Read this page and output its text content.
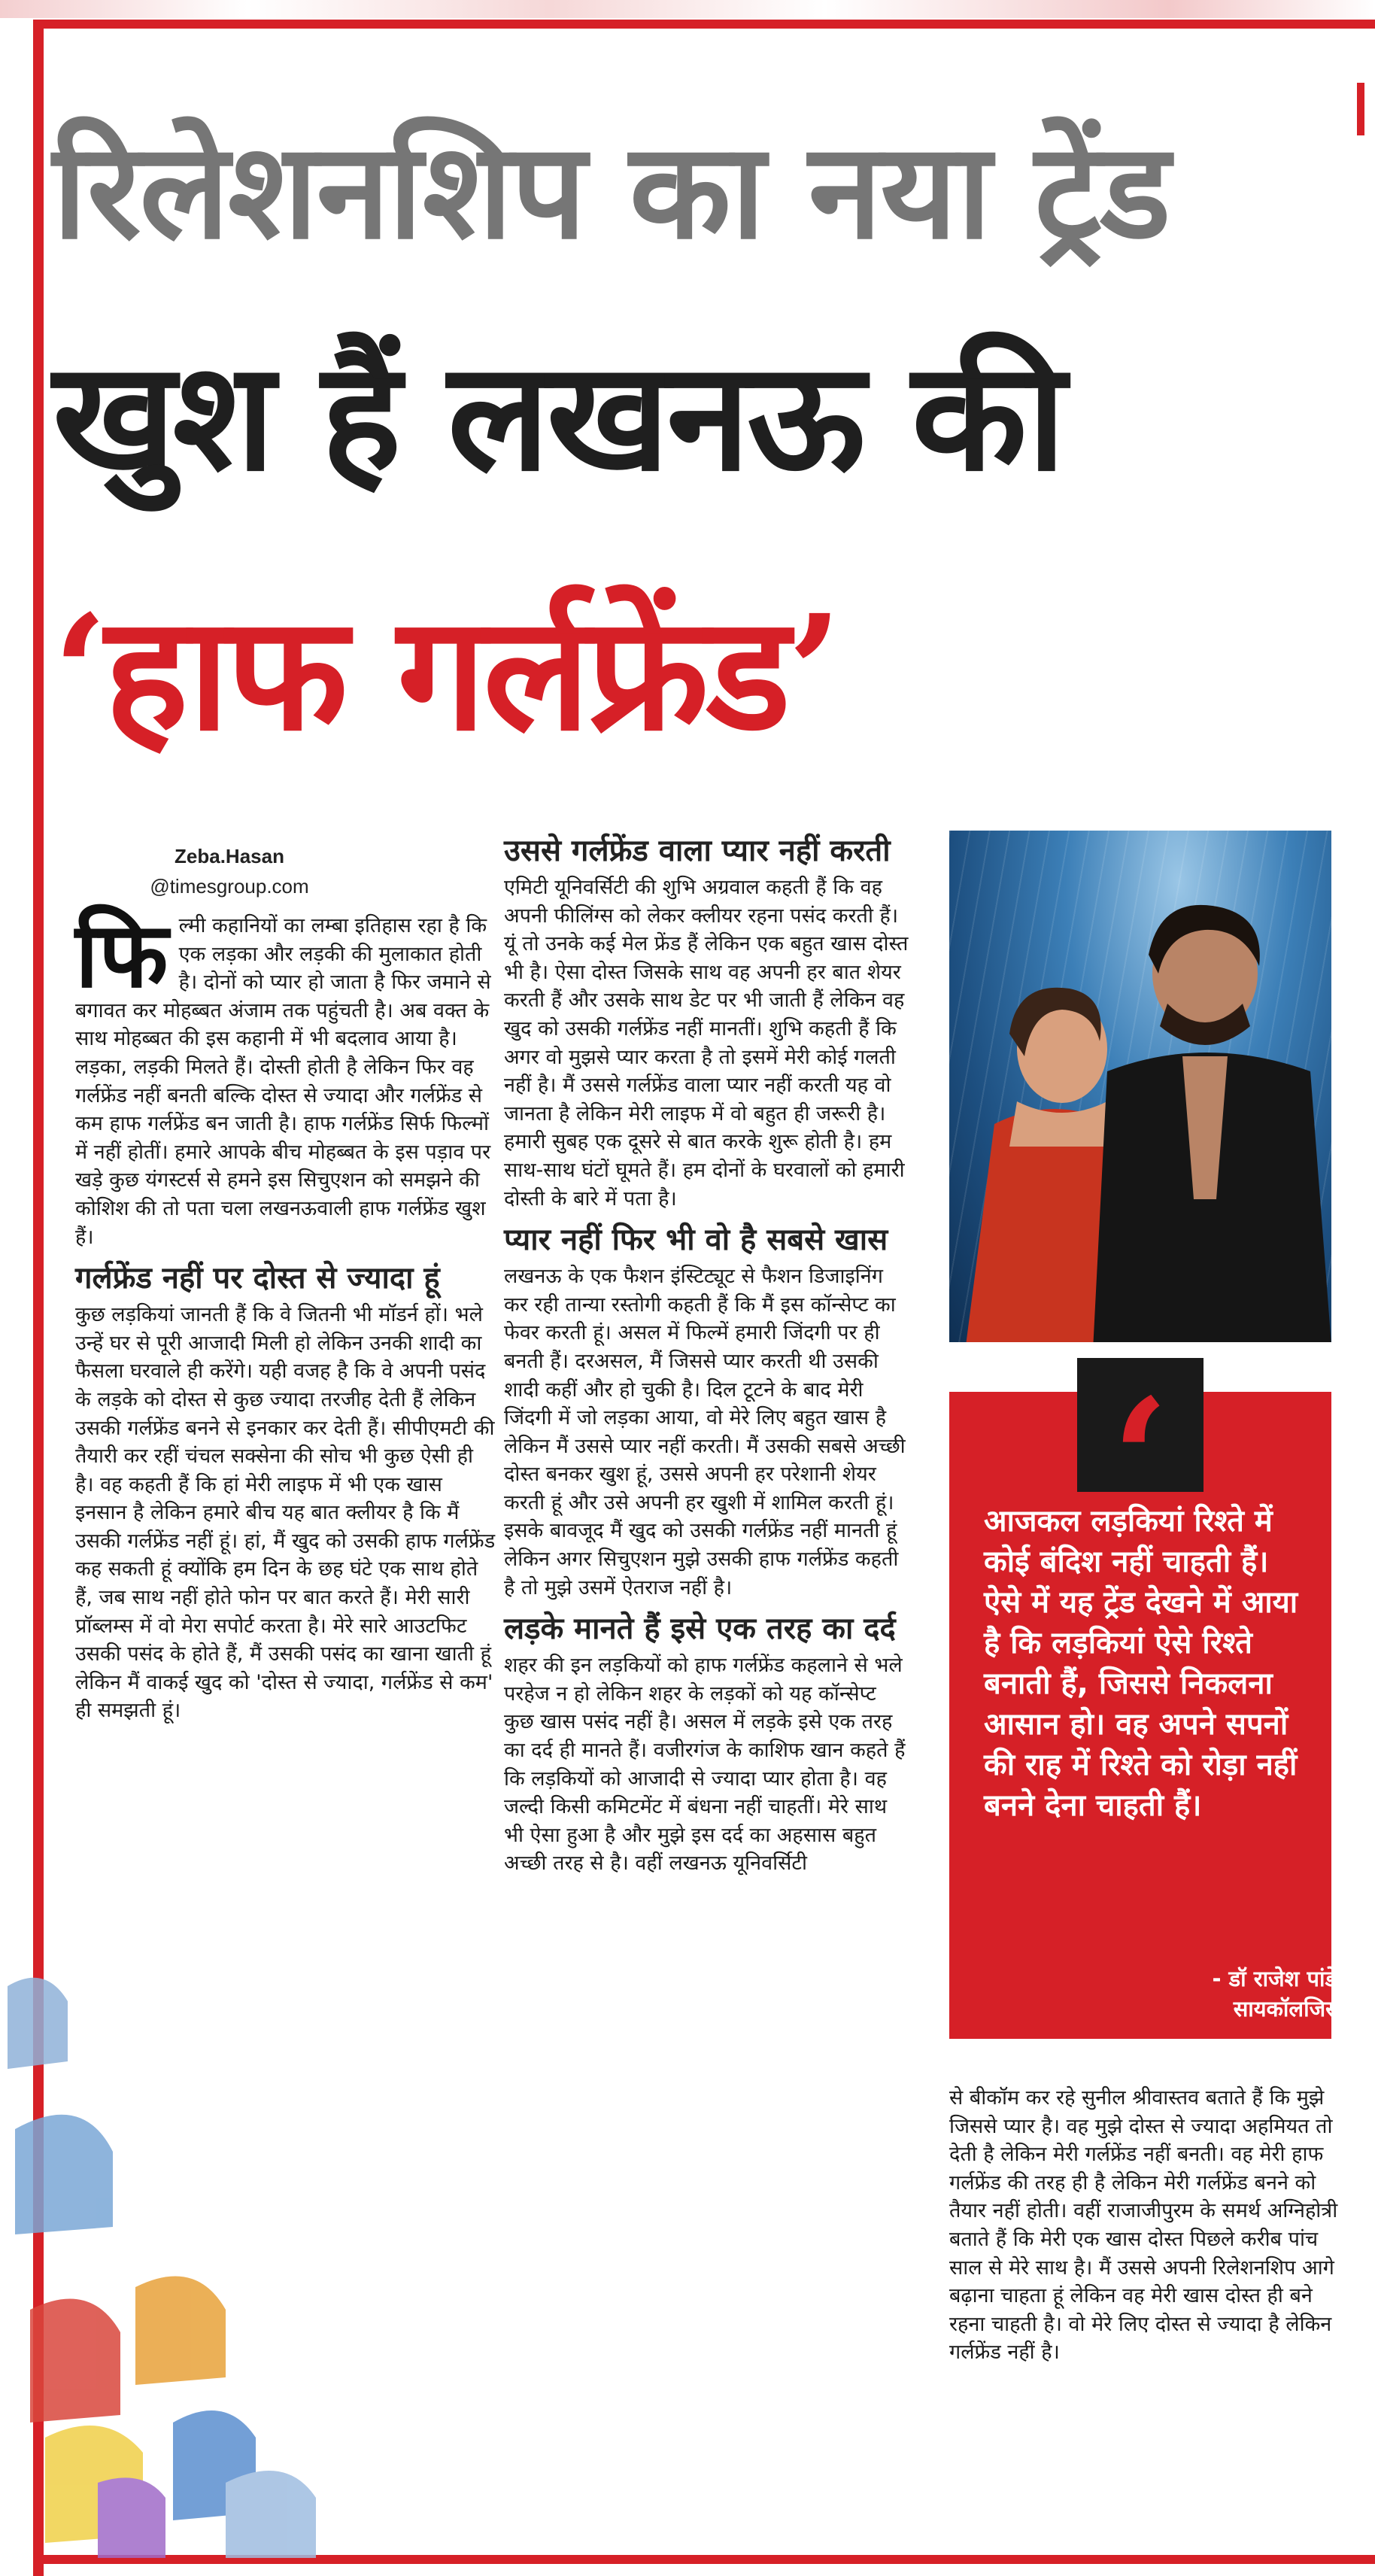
रिलेशनशिप का नया ट्रेंड
खुश हैं लखनऊ की
‘हाफ गर्लफ्रेंड’
Zeba.Hasan
@timesgroup.com
फि ल्मी कहानियों का लम्बा इतिहास रहा है कि एक लड़का और लड़की की मुलाकात होती है। दोनों को प्यार हो जाता है फिर जमाने से बगावत कर मोहब्बत अंजाम तक पहुंचती है। अब वक्त के साथ मोहब्बत की इस कहानी में भी बदलाव आया है। लड़का, लड़की मिलते हैं। दोस्ती होती है लेकिन फिर वह गर्लफ्रेंड नहीं बनती बल्कि दोस्त से ज्यादा और गर्लफ्रेंड से कम हाफ गर्लफ्रेंड बन जाती है। हाफ गर्लफ्रेंड सिर्फ फिल्मों में नहीं होतीं। हमारे आपके बीच मोहब्बत के इस पड़ाव पर खड़े कुछ यंगस्टर्स से हमने इस सिचुएशन को समझने की कोशिश की तो पता चला लखनऊवाली हाफ गर्लफ्रेंड खुश हैं।

गर्लफ्रेंड नहीं पर दोस्त से ज्यादा हूं

कुछ लड़कियां जानती हैं कि वे जितनी भी मॉडर्न हों। भले उन्हें घर से पूरी आजादी मिली हो लेकिन उनकी शादी का फैसला घरवाले ही करेंगे। यही वजह है कि वे अपनी पसंद के लड़के को दोस्त से कुछ ज्यादा तरजीह देती हैं लेकिन उसकी गर्लफ्रेंड बनने से इनकार कर देती हैं। सीपीएमटी की तैयारी कर रहीं चंचल सक्सेना की सोच भी कुछ ऐसी ही है। वह कहती हैं कि हां मेरी लाइफ में भी एक खास इनसान है लेकिन हमारे बीच यह बात क्लीयर है कि मैं उसकी गर्लफ्रेंड नहीं हूं। हां, मैं खुद को उसकी हाफ गर्लफ्रेंड कह सकती हूं क्योंकि हम दिन के छह घंटे एक साथ होते हैं, जब साथ नहीं होते फोन पर बात करते हैं। मेरी सारी प्रॉब्लम्स में वो मेरा सपोर्ट करता है। मेरे सारे आउटफिट उसकी पसंद के होते हैं, मैं उसकी पसंद का खाना खाती हूं लेकिन मैं वाकई खुद को 'दोस्त से ज्यादा, गर्लफ्रेंड से कम' ही समझती हूं।

उससे गर्लफ्रेंड वाला प्यार नहीं करती

एमिटी यूनिवर्सिटी की शुभि अग्रवाल कहती हैं कि वह अपनी फीलिंग्स को लेकर क्लीयर रहना पसंद करती हैं। यूं तो उनके कई मेल फ्रेंड हैं लेकिन एक बहुत खास दोस्त भी है। ऐसा दोस्त जिसके साथ वह अपनी हर बात शेयर करती हैं और उसके साथ डेट पर भी जाती हैं लेकिन वह खुद को उसकी गर्लफ्रेंड नहीं मानतीं। शुभि कहती हैं कि अगर वो मुझसे प्यार करता है तो इसमें मेरी कोई गलती नहीं है। मैं उससे गर्लफ्रेंड वाला प्यार नहीं करती यह वो जानता है लेकिन मेरी लाइफ में वो बहुत ही जरूरी है। हमारी सुबह एक दूसरे से बात करके शुरू होती है। हम साथ-साथ घंटों घूमते हैं। हम दोनों के घरवालों को हमारी दोस्ती के बारे में पता है।

प्यार नहीं फिर भी वो है सबसे खास

लखनऊ के एक फैशन इंस्टिट्यूट से फैशन डिजाइनिंग कर रही तान्या रस्तोगी कहती हैं कि मैं इस कॉन्सेप्ट का फेवर करती हूं। असल में फिल्में हमारी जिंदगी पर ही बनती हैं। दरअसल, मैं जिससे प्यार करती थी उसकी शादी कहीं और हो चुकी है। दिल टूटने के बाद मेरी जिंदगी में जो लड़का आया, वो मेरे लिए बहुत खास है लेकिन मैं उससे प्यार नहीं करती। मैं उसकी सबसे अच्छी दोस्त बनकर खुश हूं, उससे अपनी हर परेशानी शेयर करती हूं और उसे अपनी हर खुशी में शामिल करती हूं। इसके बावजूद मैं खुद को उसकी गर्लफ्रेंड नहीं मानती हूं लेकिन अगर सिचुएशन मुझे उसकी हाफ गर्लफ्रेंड कहती है तो मुझे उसमें ऐतराज नहीं है।

लड़के मानते हैं इसे एक तरह का दर्द

शहर की इन लड़कियों को हाफ गर्लफ्रेंड कहलाने से भले परहेज न हो लेकिन शहर के लड़कों को यह कॉन्सेप्ट कुछ खास पसंद नहीं है। असल में लड़के इसे एक तरह का दर्द ही मानते हैं। वजीरगंज के काशिफ खान कहते हैं कि लड़कियों को आजादी से ज्यादा प्यार होता है। वह जल्दी किसी कमिटमेंट में बंधना नहीं चाहतीं। मेरे साथ भी ऐसा हुआ है और मुझे इस दर्द का अहसास बहुत अच्छी तरह से है। वहीं लखनऊ यूनिवर्सिटी

‘
आजकल लड़कियां रिश्ते में कोई बंदिश नहीं चाहती हैं। ऐसे में यह ट्रेंड देखने में आया है कि लड़कियां ऐसे रिश्ते बनाती हैं, जिससे निकलना आसान हो। वह अपने सपनों की राह में रिश्ते को रोड़ा नहीं बनने देना चाहती हैं।
- डॉ राजेश पांडे,
सायकॉलजिस्ट

से बीकॉम कर रहे सुनील श्रीवास्तव बताते हैं कि मुझे जिससे प्यार है। वह मुझे दोस्त से ज्यादा अहमियत तो देती है लेकिन मेरी गर्लफ्रेंड नहीं बनती। वह मेरी हाफ गर्लफ्रेंड की तरह ही है लेकिन मेरी गर्लफ्रेंड बनने को तैयार नहीं होती। वहीं राजाजीपुरम के समर्थ अग्निहोत्री बताते हैं कि मेरी एक खास दोस्त पिछले करीब पांच साल से मेरे साथ है। मैं उससे अपनी रिलेशनशिप आगे बढ़ाना चाहता हूं लेकिन वह मेरी खास दोस्त ही बने रहना चाहती है। वो मेरे लिए दोस्त से ज्यादा है लेकिन गर्लफ्रेंड नहीं है।
